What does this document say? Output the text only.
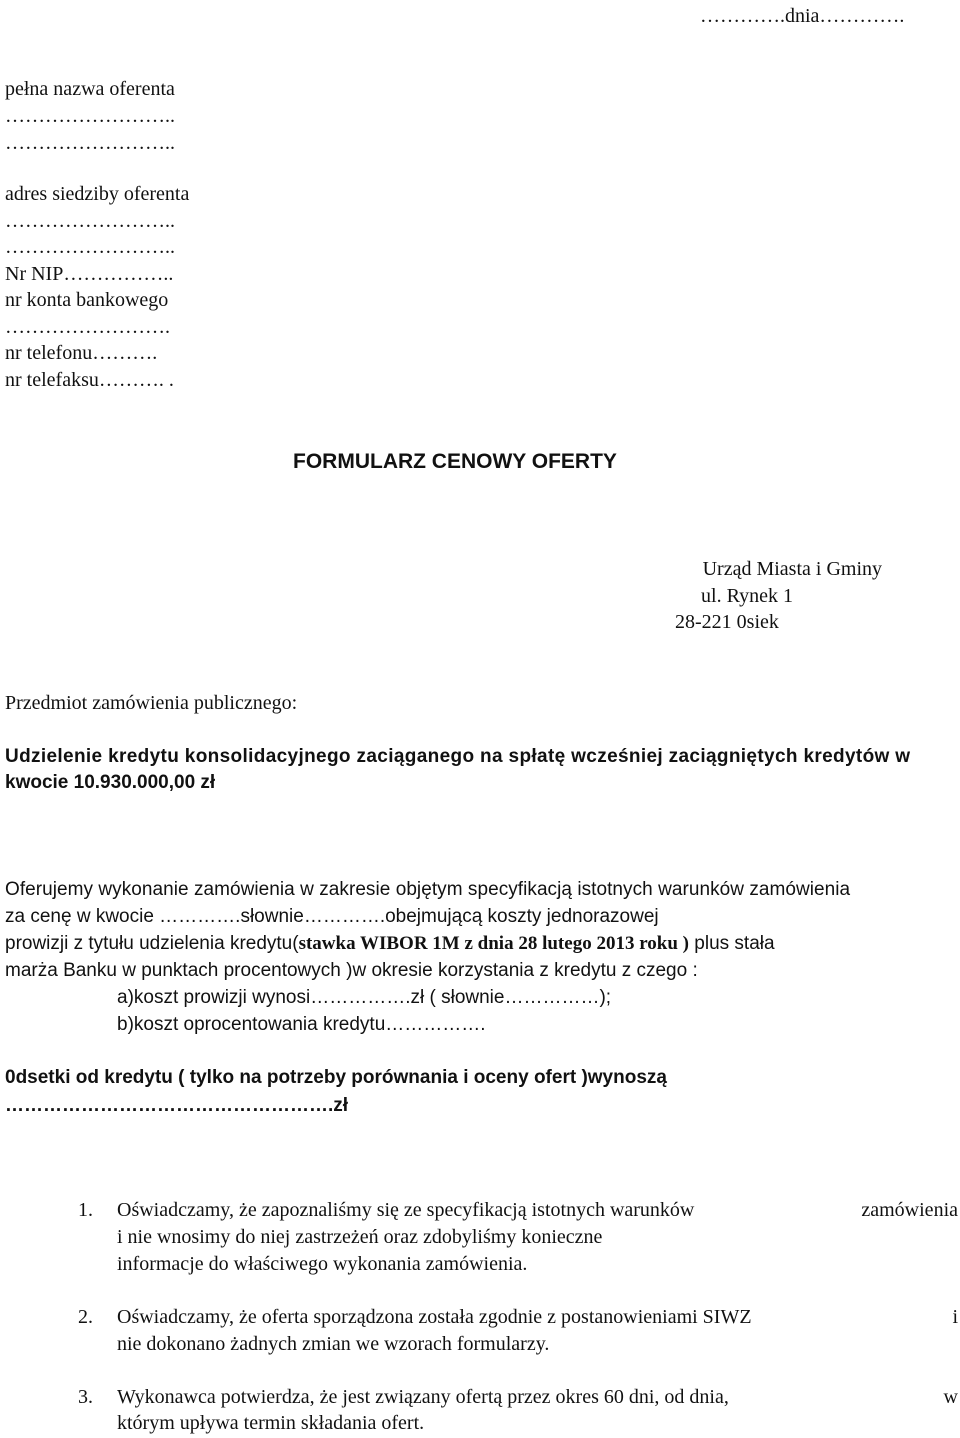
………….dnia………….
pełna nazwa oferenta
……………………..
……………………..
adres siedziby oferenta
……………………..
……………………..
Nr NIP……………..
nr konta bankowego
…………………….
nr telefonu……….
nr telefaksu………. .
FORMULARZ CENOWY OFERTY
Urząd Miasta i Gminy
ul. Rynek 1
28-221 0siek
Przedmiot zamówienia publicznego:
Udzielenie kredytu konsolidacyjnego zaciąganego na spłatę wcześniej zaciągniętych kredytów w
kwocie 10.930.000,00 zł
Oferujemy wykonanie zamówienia w zakresie objętym specyfikacją istotnych warunków zamówienia
za cenę w kwocie ………….słownie………….obejmującą koszty jednorazowej
prowizji z tytułu udzielenia kredytu(stawka WIBOR 1M z dnia 28 lutego 2013 roku ) plus stała
marża Banku w punktach procentowych )w okresie korzystania z kredytu z czego :
a)koszt prowizji wynosi…………….zł ( słownie……………);
b)koszt oprocentowania kredytu…………….
0dsetki od kredytu ( tylko na potrzeby porównania i oceny ofert )wynoszą
…………………………………………….zł
1. Oświadczamy, że zapoznaliśmy się ze specyfikacją istotnych warunków	zamówienia
i nie wnosimy do niej zastrzeżeń oraz zdobyliśmy konieczne
informacje do właściwego wykonania zamówienia.
2. Oświadczamy, że oferta sporządzona została zgodnie z postanowieniami SIWZ	i
nie dokonano żadnych zmian we wzorach formularzy.
3. Wykonawca potwierdza, że jest związany ofertą przez okres 60 dni, od dnia,	w
którym upływa termin składania ofert.
